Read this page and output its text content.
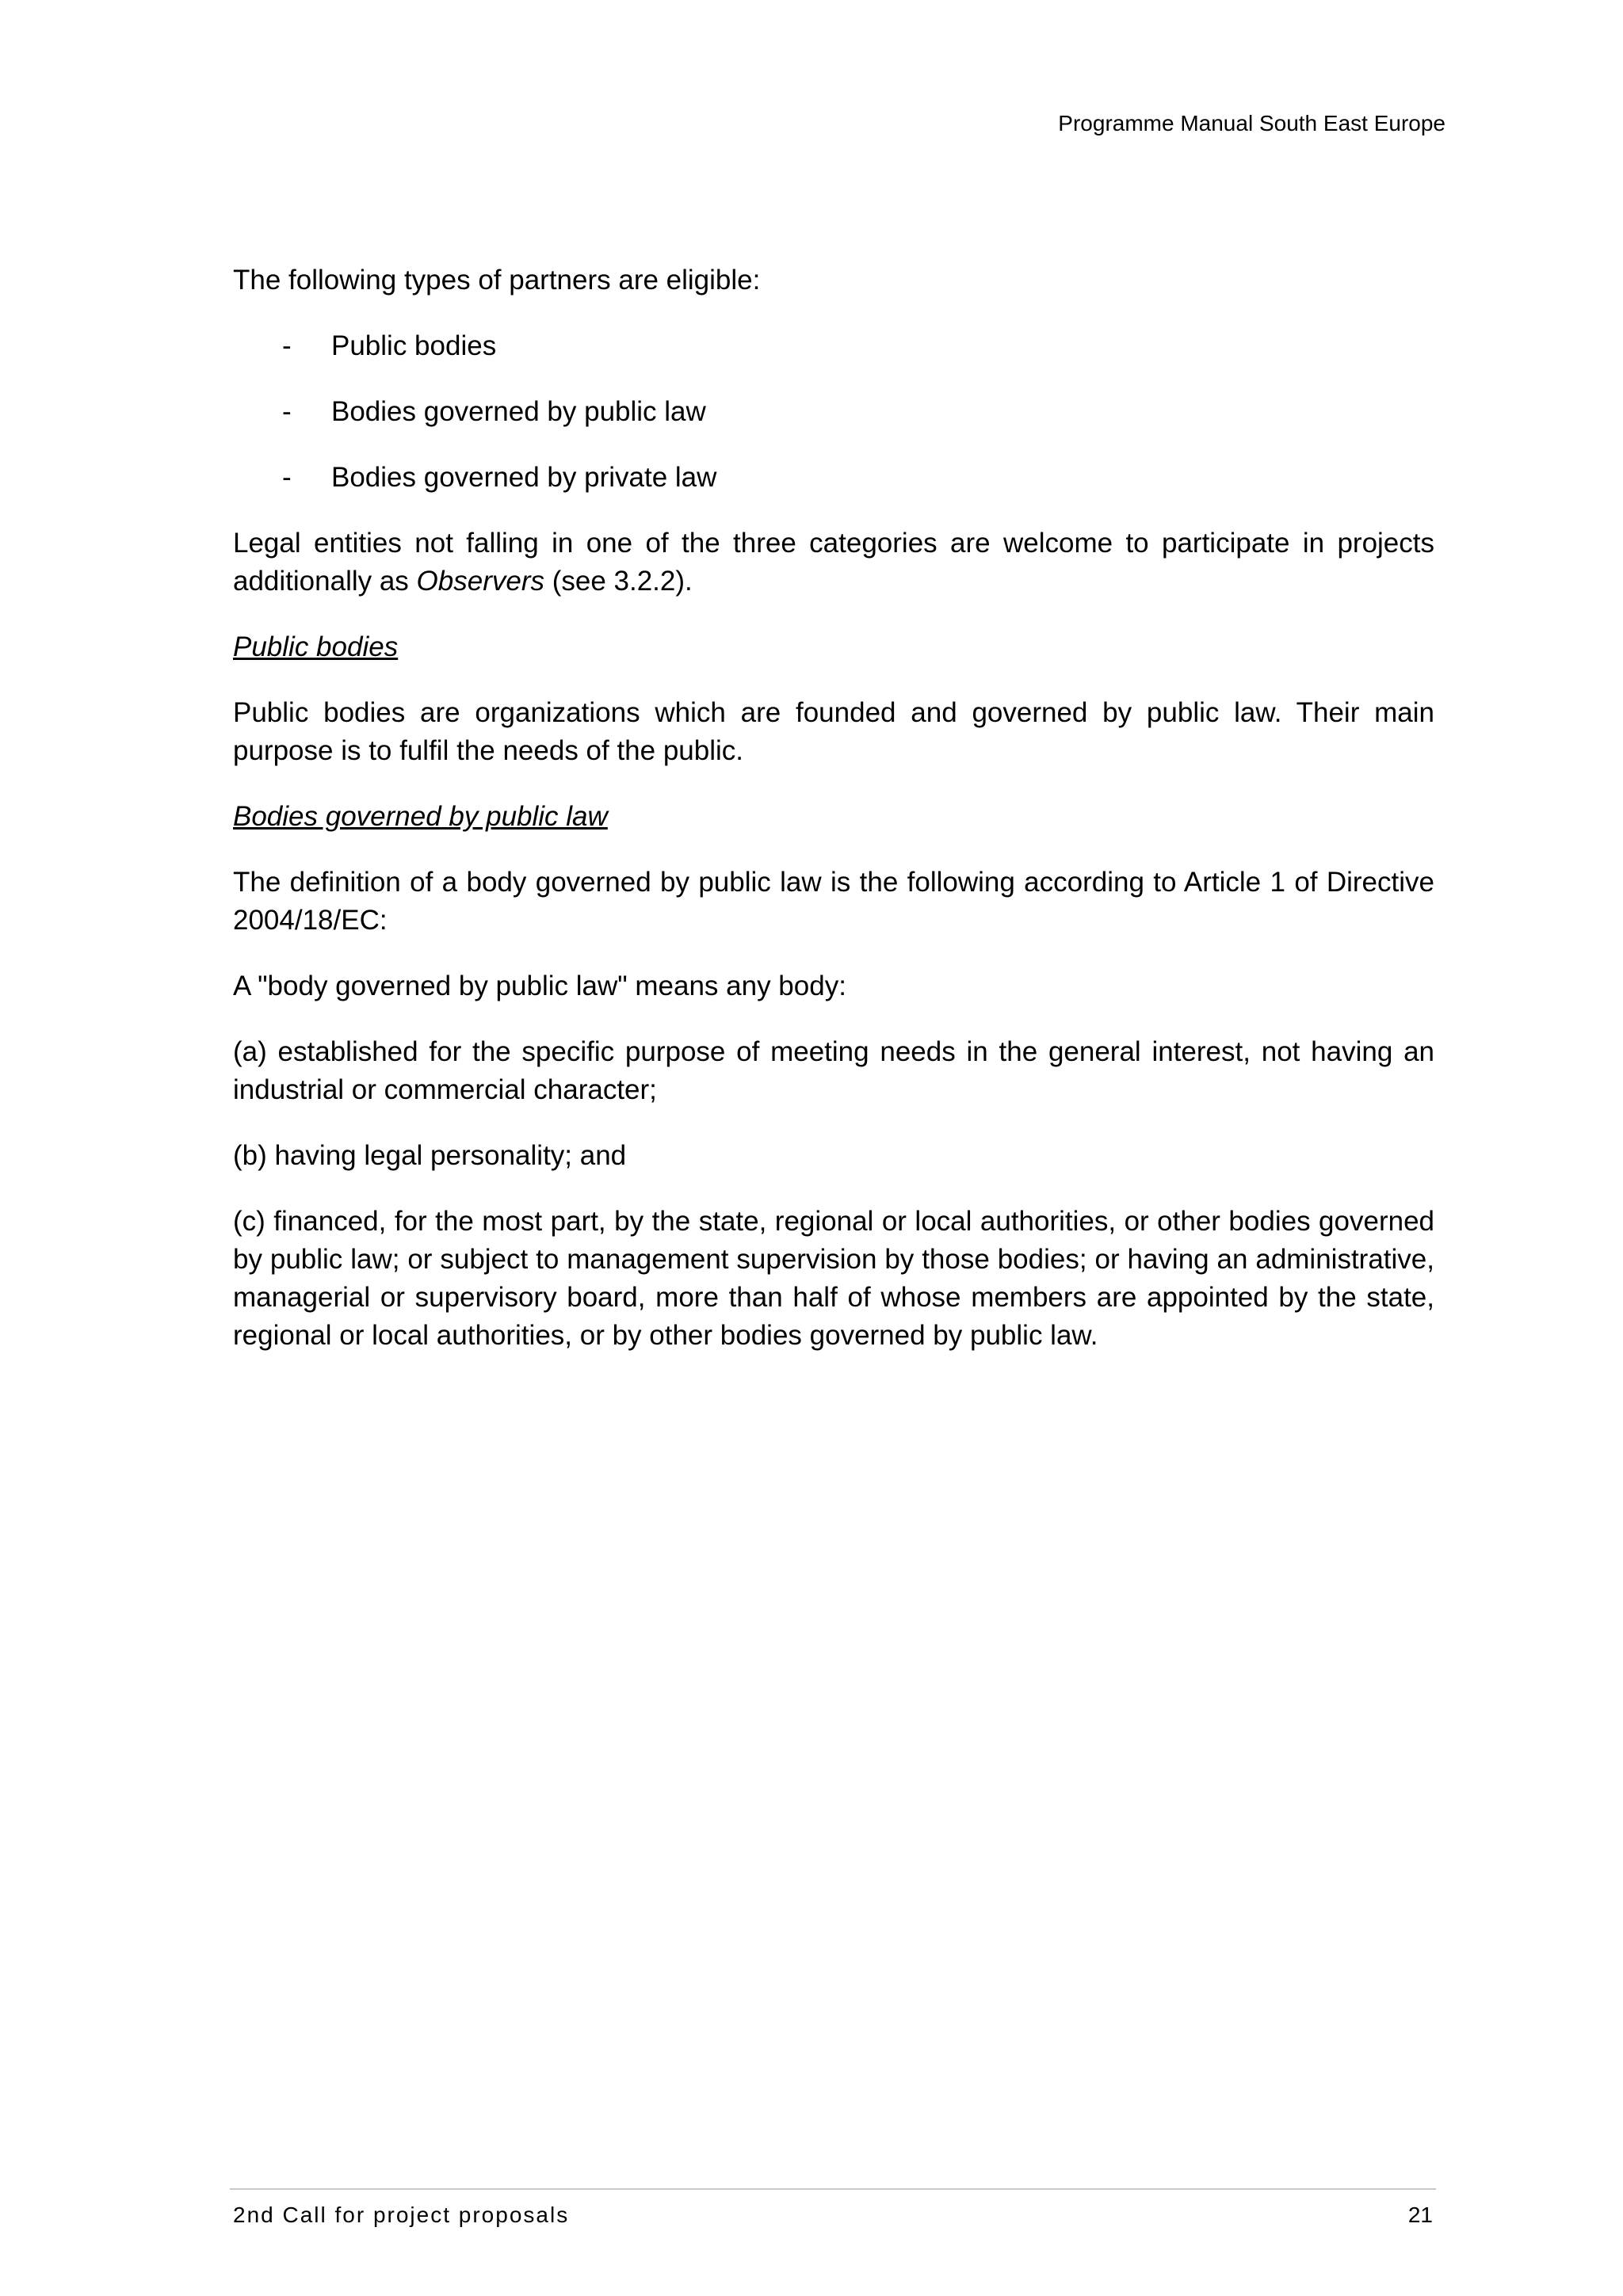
Programme Manual South East Europe

The following types of partners are eligible:

- Public bodies
- Bodies governed by public law
- Bodies governed by private law

Legal entities not falling in one of the three categories are welcome to participate in projects additionally as Observers (see 3.2.2).

Public bodies

Public bodies are organizations which are founded and governed by public law. Their main purpose is to fulfil the needs of the public.

Bodies governed by public law

The definition of a body governed by public law is the following according to Article 1 of Directive 2004/18/EC:

A "body governed by public law" means any body:

(a) established for the specific purpose of meeting needs in the general interest, not having an industrial or commercial character;

(b) having legal personality; and

(c) financed, for the most part, by the state, regional or local authorities, or other bodies governed by public law; or subject to management supervision by those bodies; or having an administrative, managerial or supervisory board, more than half of whose members are appointed by the state, regional or local authorities, or by other bodies governed by public law.

2nd Call for project proposals	21
